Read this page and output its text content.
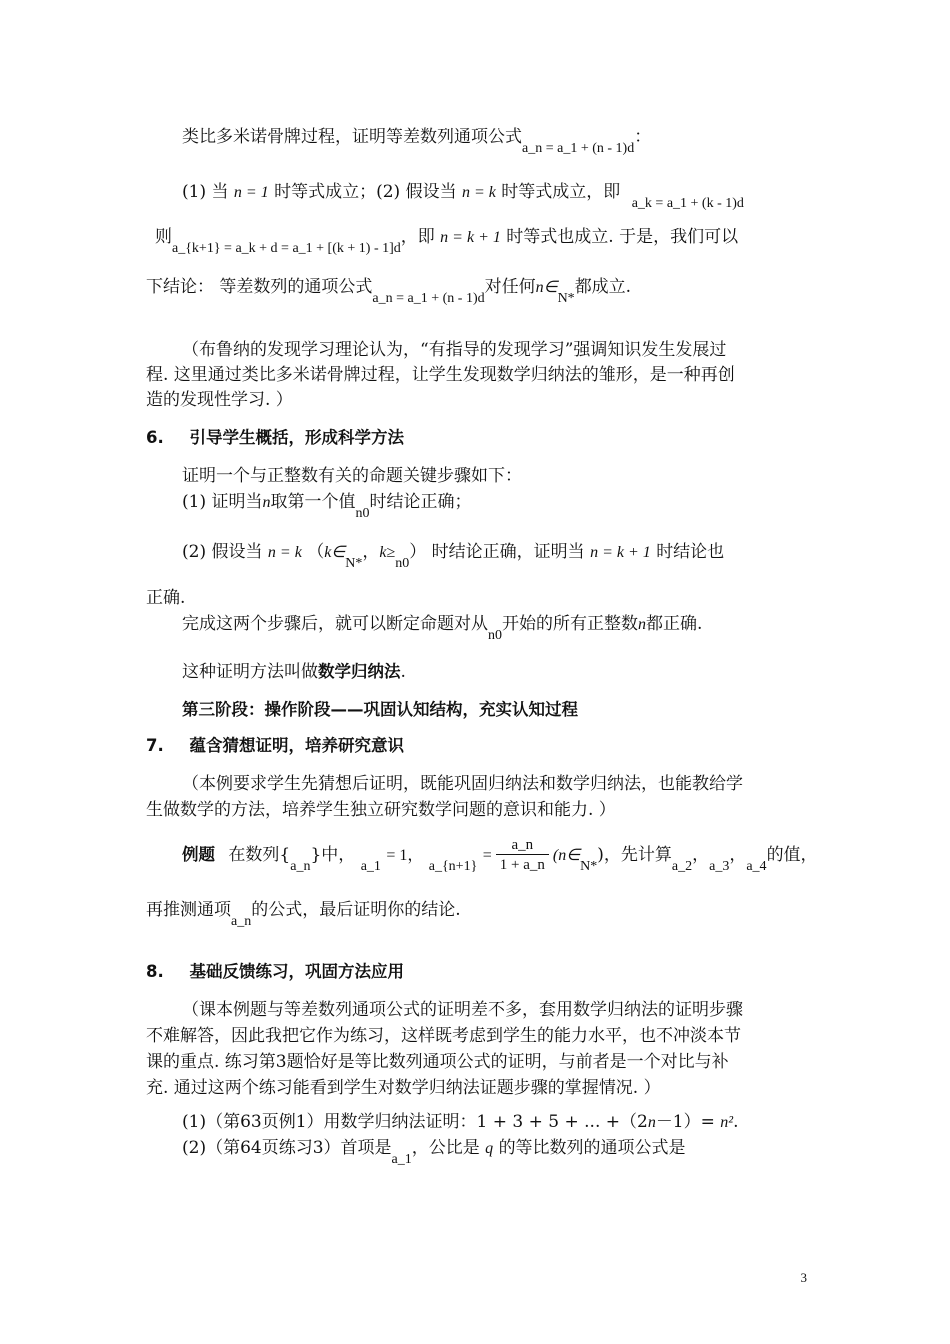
类比多米诺骨牌过程，证明等差数列通项公式$_{a\_n = a\_1 + (n - 1)d}$：
(1) 当 n = 1 时等式成立；(2) 假设当 n = k 时等式成立，即 $_{a\_k = a\_1 + (k - 1)d}$
则$_{a\_\{k+1\} = a\_k + d = a\_1 + [(k + 1) - 1]d}$，即 n = k + 1 时等式也成立. 于是，我们可以
下结论： 等差数列的通项公式$_{a\_n = a\_1 + (n - 1)d}$对任何$n\in_{N*}$都成立.
（布鲁纳的发现学习理论认为，“有指导的发现学习”强调知识发生发展过
程. 这里通过类比多米诺骨牌过程，让学生发现数学归纳法的雏形，是一种再创
造的发现性学习. ）
6. 引导学生概括，形成科学方法
证明一个与正整数有关的命题关键步骤如下：
(1) 证明当n取第一个值$_{n0}$时结论正确；
(2) 假设当 n = k （$k\in_{N*}$，$k\ge_{n0}$） 时结论正确，证明当 n = k + 1 时结论也
正确.
完成这两个步骤后，就可以断定命题对从$_{n0}$开始的所有正整数n都正确.
这种证明方法叫做数学归纳法.
第三阶段：操作阶段——巩固认知结构，充实认知过程
7. 蕴含猜想证明，培养研究意识
（本例要求学生先猜想后证明，既能巩固归纳法和数学归纳法，也能教给学
生做数学的方法，培养学生独立研究数学问题的意识和能力. ）
例题 在数列$\{_{a\_n}\}$中， $_{a\_1}$ = 1， $_{a\_\{n+1\}} = \frac{a\_n}{1 + a\_n}$ $(n\in_{N*})$，先计算$_{a\_2}$，$_{a\_3}$，$_{a\_4}$的值，
再推测通项$_{a\_n}$的公式，最后证明你的结论.
8. 基础反馈练习，巩固方法应用
（课本例题与等差数列通项公式的证明差不多，套用数学归纳法的证明步骤
不难解答，因此我把它作为练习，这样既考虑到学生的能力水平，也不冲淡本节
课的重点. 练习第3题恰好是等比数列通项公式的证明，与前者是一个对比与补
充. 通过这两个练习能看到学生对数学归纳法证题步骤的掌握情况. ）
(1)（第63页例1）用数学归纳法证明：1 + 3 + 5 + ... +（2n－1）= n².
(2)（第64页练习3）首项是$_{a\_1}$，公比是 q 的等比数列的通项公式是
3
